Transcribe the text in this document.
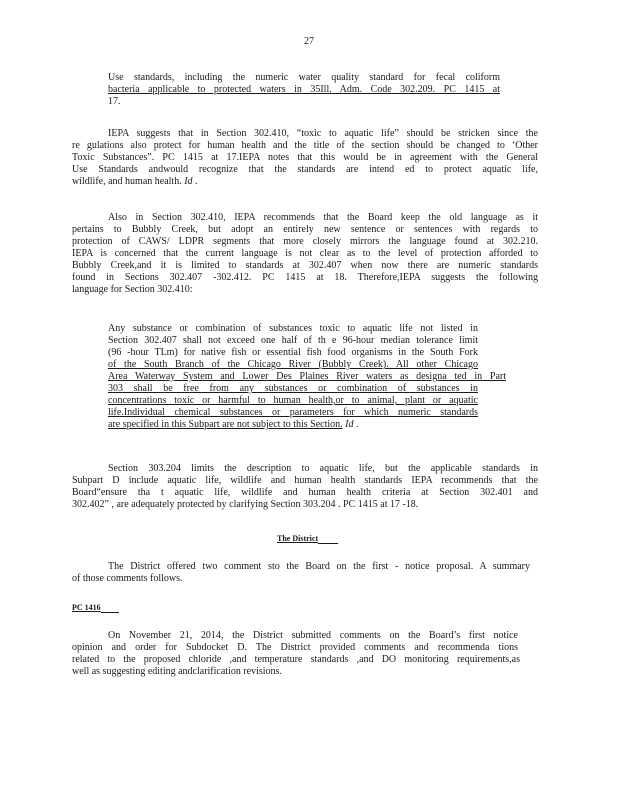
27
Use standards, including the numeric water quality standard for fecal coliform
bacteria applicable to protected waters in 35Ill. Adm. Code 302.209. PC 1415 at
17.
IEPA suggests that in Section 302.410, “toxic to aquatic life” should be stricken since the
re gulations also protect for human health and the title of the section should be changed to ‘Other
Toxic Substances”. PC 1415 at 17.IEPA notes that this would be in agreement with the General
Use Standards andwould recognize that the standards are intend ed to protect aquatic life,
wildlife, and human health. Id .
Also in Section 302.410, IEPA recommends that the Board keep the old language as it
pertains to Bubbly Creek, but adopt an entirely new sentence or sentences with regards to
protection of CAWS/ LDPR segments that more closely mirrors the language found at 302.210.
IEPA is concerned that the current language is not clear as to the level of protection afforded to
Bubbly Creek,and it is limited to standards at 302.407 when now there are numeric standards
found in Sections 302.407 -302.412. PC 1415 at 18. Therefore,IEPA suggests the following
language for Section 302.410:
Any substance or combination of substances toxic to aquatic life not listed in
Section 302.407 shall not exceed one half of th e 96-hour median tolerance limit
(96 -hour TLm) for native fish or essential fish food organisms in the South Fork
of the South Branch of the Chicago River (Bubbly Creek). All other Chicago
Area Waterway System and Lower Des Plaines River waters as designa ted in Part
303 shall be free from any substances or combination of substances in
concentrations toxic or harmful to human health,or to animal, plant or aquatic
life.Individual chemical substances or parameters for which numeric standards
are specified in this Subpart are not subject to this Section. Id .
Section 303.204 limits the description to aquatic life, but the applicable standards in
Subpart D include aquatic life, wildlife and human health standards IEPA recommends that the
Board“ensure tha t aquatic life, wildlife and human health criteria at Section 302.401 and
302.402” , are adequately protected by clarifying Section 303.204 . PC 1415 at 17 -18.
The District
The District offered two comment sto the Board on the first - notice proposal. A summary
of those comments follows.
PC 1416
On November 21, 2014, the District submitted comments on the Board’s first notice
opinion and order for Subdocket D. The District provided comments and recommenda tions
related to the proposed chloride ,and temperature standards ,and DO monitoring requirements,as
well as suggesting editing andclarification revisions.
